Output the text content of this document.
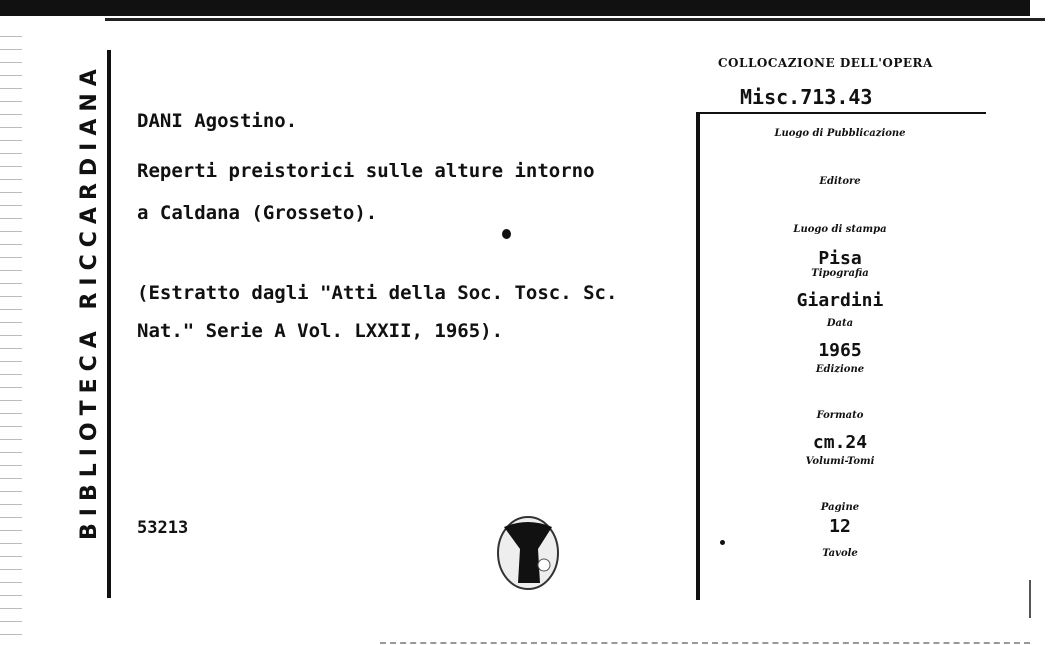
BIBLIOTECA RICCARDIANA	DANI Agostino.
Reperti preistorici sulle alture intorno
a Caldana (Grosseto).
(Estratto dagli "Atti della Soc. Tosc. Sc.
Nat." Serie A Vol. LXXII, 1965).
53213
COLLOCAZIONE DELL'OPERA
Misc.713.43
Luogo di Pubblicazione
Editore
Luogo di stampa
Pisa
Tipografia
Giardini
Data
1965
Edizione
Formato
cm.24
Volumi-Tomi
Pagine
12
Tavole
